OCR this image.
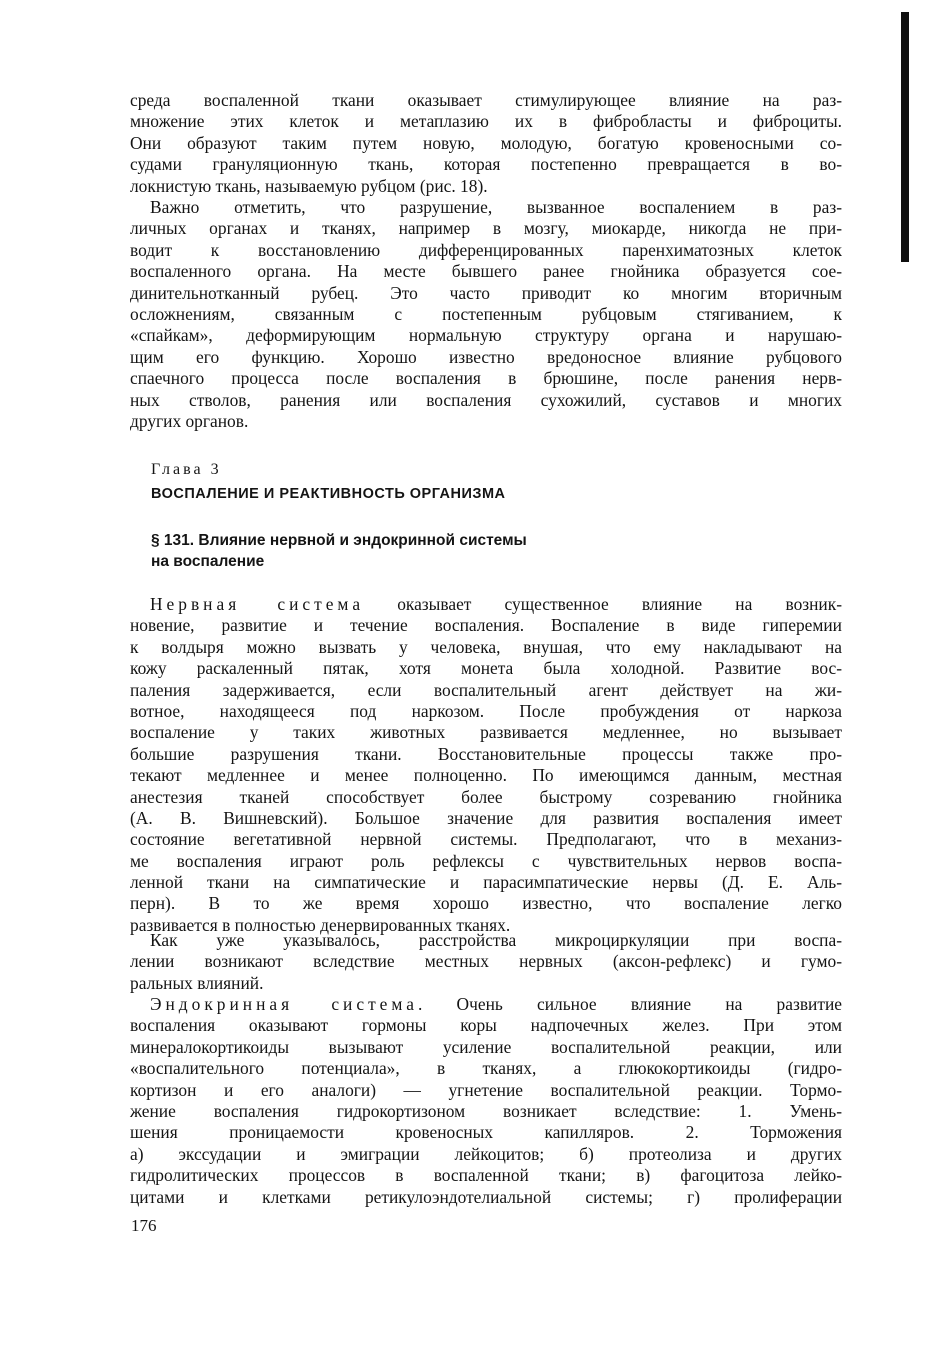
среда воспаленной ткани оказывает стимулирующее влияние на раз-
множение этих клеток и метаплазию их в фибробласты и фиброциты.
Они образуют таким путем новую, молодую, богатую кровеносными со-
судами грануляционную ткань, которая постепенно превращается в во-
локнистую ткань, называемую рубцом (рис. 18).
Важно отметить, что разрушение, вызванное воспалением в раз-
личных органах и тканях, например в мозгу, миокарде, никогда не при-
водит к восстановлению дифференцированных паренхиматозных клеток
воспаленного органа. На месте бывшего ранее гнойника образуется сое-
динительнотканный рубец. Это часто приводит ко многим вторичным
осложнениям, связанным с постепенным рубцовым стягиванием, к
«спайкам», деформирующим нормальную структуру органа и нарушаю-
щим его функцию. Хорошо известно вредоносное влияние рубцового
спаечного процесса после воспаления в брюшине, после ранения нерв-
ных стволов, ранения или воспаления сухожилий, суставов и многих
других органов.
Глава 3
ВОСПАЛЕНИЕ И РЕАКТИВНОСТЬ ОРГАНИЗМА
§ 131. Влияние нервной и эндокринной системы
на воспаление
Нервная система оказывает существенное влияние на возник-
новение, развитие и течение воспаления. Воспаление в виде гиперемии
к волдыря можно вызвать у человека, внушая, что ему накладывают на
кожу раскаленный пятак, хотя монета была холодной. Развитие вос-
паления задерживается, если воспалительный агент действует на жи-
вотное, находящееся под наркозом. После пробуждения от наркоза
воспаление у таких животных развивается медленнее, но вызывает
большие разрушения ткани. Восстановительные процессы также про-
текают медленнее и менее полноценно. По имеющимся данным, местная
анестезия тканей способствует более быстрому созреванию гнойника
(А. В. Вишневский). Большое значение для развития воспаления имеет
состояние вегетативной нервной системы. Предполагают, что в механиз-
ме воспаления играют роль рефлексы с чувствительных нервов воспа-
ленной ткани на симпатические и парасимпатические нервы (Д. Е. Аль-
перн). В то же время хорошо известно, что воспаление легко
развивается в полностью денервированных тканях.
Как уже указывалось, расстройства микроциркуляции при воспа-
лении возникают вследствие местных нервных (аксон-рефлекс) и гумо-
ральных влияний.
Эндокринная система. Очень сильное влияние на развитие
воспаления оказывают гормоны коры надпочечных желез. При этом
минералокортикоиды вызывают усиление воспалительной реакции, или
«воспалительного потенциала», в тканях, а глюкокортикоиды (гидро-
кортизон и его аналоги) — угнетение воспалительной реакции. Тормо-
жение воспаления гидрокортизоном возникает вследствие: 1. Умень-
шения проницаемости кровеносных капилляров. 2. Торможения
а) экссудации и эмиграции лейкоцитов; б) протеолиза и других
гидролитических процессов в воспаленной ткани; в) фагоцитоза лейко-
цитами и клетками ретикулоэндотелиальной системы; г) пролиферации
176
